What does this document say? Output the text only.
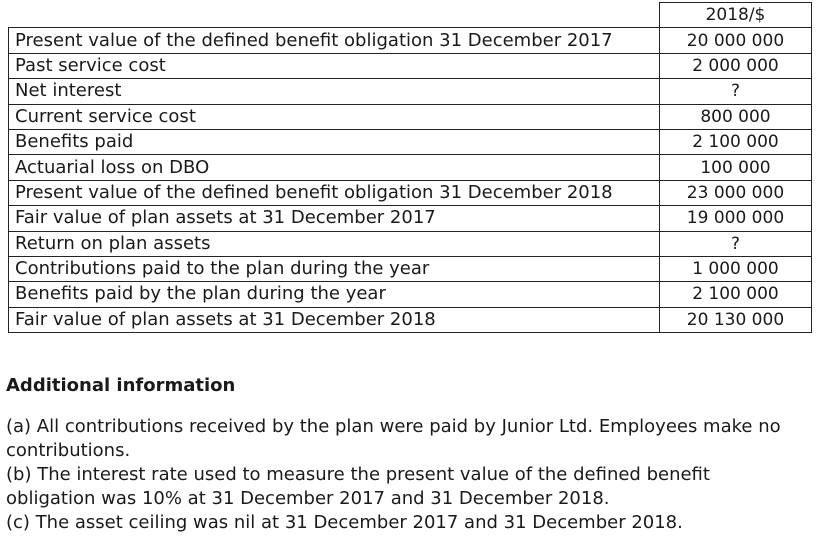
	2018/$
Present value of the defined benefit obligation 31 December 2017	20 000 000
Past service cost	2 000 000
Net interest	?
Current service cost	800 000
Benefits paid	2 100 000
Actuarial loss on DBO	100 000
Present value of the defined benefit obligation 31 December 2018	23 000 000
Fair value of plan assets at 31 December 2017	19 000 000
Return on plan assets	?
Contributions paid to the plan during the year	1 000 000
Benefits paid by the plan during the year	2 100 000
Fair value of plan assets at 31 December 2018	20 130 000
Additional information

(a) All contributions received by the plan were paid by Junior Ltd. Employees make no contributions.

(b) The interest rate used to measure the present value of the defined benefit obligation was 10% at 31 December 2017 and 31 December 2018.

(c) The asset ceiling was nil at 31 December 2017 and 31 December 2018.
